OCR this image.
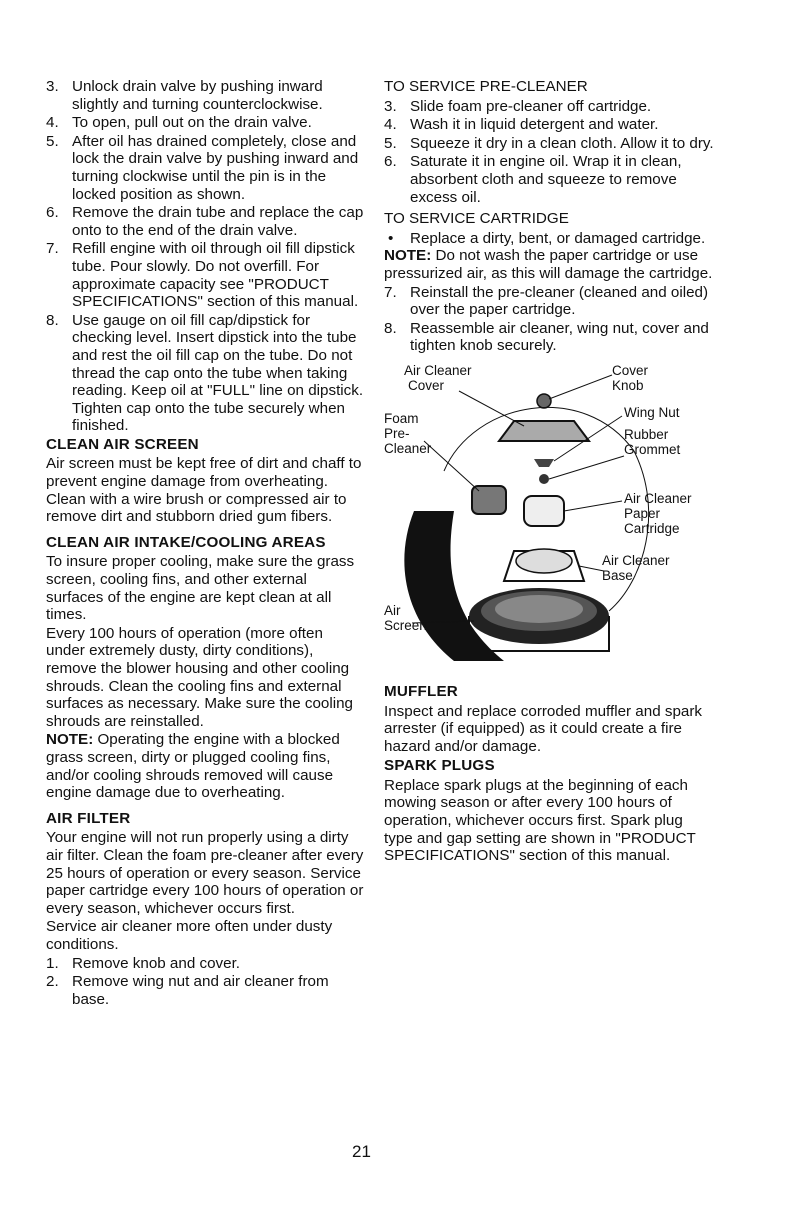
3. Unlock drain valve by pushing inward slightly and turning counterclockwise.
4. To open, pull out on the drain valve.
5. After oil has drained completely, close and lock the drain valve by pushing inward and turning clockwise until the pin is in the locked position as shown.
6. Remove the drain tube and replace the cap onto to the end of the drain valve.
7. Refill engine with oil through oil fill dipstick tube. Pour slowly. Do not overfill. For approximate capacity see "PRODUCT SPECIFICATIONS" section of this manual.
8. Use gauge on oil fill cap/dipstick for checking level. Insert dipstick into the tube and rest the oil fill cap on the tube. Do not thread the cap onto the tube when taking reading. Keep oil at "FULL" line on dipstick. Tighten cap onto the tube securely when finished.
CLEAN AIR SCREEN

Air screen must be kept free of dirt and chaff to prevent engine damage from overheating. Clean with a wire brush or compressed air to remove dirt and stubborn dried gum fibers.

CLEAN AIR INTAKE/COOLING AREAS

To insure proper cooling, make sure the grass screen, cooling fins, and other external surfaces of the engine are kept clean at all times.

Every 100 hours of operation (more often under extremely dusty, dirty conditions), remove the blower housing and other cooling shrouds. Clean the cooling fins and external surfaces as necessary. Make sure the cooling shrouds are reinstalled.

NOTE: Operating the engine with a blocked grass screen, dirty or plugged cooling fins, and/or cooling shrouds removed will cause engine damage due to overheating.

AIR FILTER

Your engine will not run properly using a dirty air filter. Clean the foam pre-cleaner after every 25 hours of operation or every season. Service paper cartridge every 100 hours of operation or every season, whichever occurs first.

Service air cleaner more often under dusty conditions.

1. Remove knob and cover.
2. Remove wing nut and air cleaner from base.
TO SERVICE PRE-CLEANER
3. Slide foam pre-cleaner off cartridge.
4. Wash it in liquid detergent and water.
5. Squeeze it dry in a clean cloth. Allow it to dry.
6. Saturate it in engine oil. Wrap it in clean, absorbent cloth and squeeze to remove excess oil.
TO SERVICE CARTRIDGE
• Replace a dirty, bent, or damaged cartridge.

NOTE: Do not wash the paper cartridge or use pressurized air, as this will damage the cartridge.

7. Reinstall the pre-cleaner (cleaned and oiled) over the paper cartridge.
8. Reassemble air cleaner, wing nut, cover and tighten knob securely.
Air Cleaner
Cover
Cover
Knob
Wing Nut
Foam
Pre-
Cleaner
Rubber
Grommet
Air Cleaner
Paper
Cartridge
Air Cleaner
Base
Air
Screen
MUFFLER

Inspect and replace corroded muffler and spark arrester (if equipped) as it could create a fire hazard and/or damage.

SPARK PLUGS

Replace spark plugs at the beginning of each mowing season or after every 100 hours of operation, whichever occurs first. Spark plug type and gap setting are shown in "PRODUCT SPECIFICATIONS" section of this manual.

21
